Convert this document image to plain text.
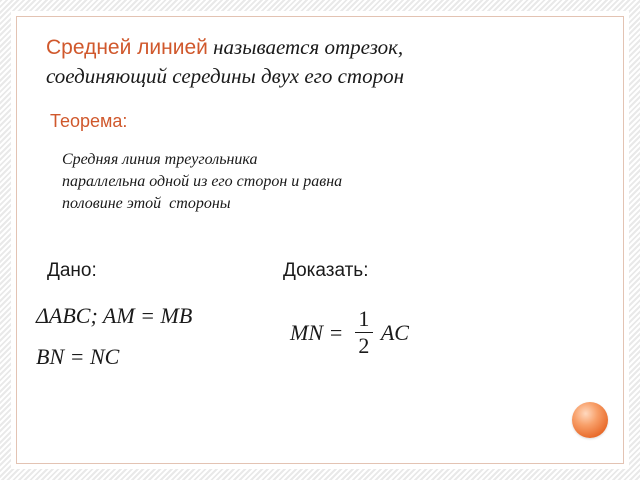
Средней линией называется отрезок,
соединяющий середины двух его сторон
Теорема:
Средняя линия треугольника
параллельна одной из его сторон и равна
половине этой  стороны
Дано:	Доказать:
ΔABC; AM = MB
BN = NC
MN = $\frac{1}{2}$ AC
